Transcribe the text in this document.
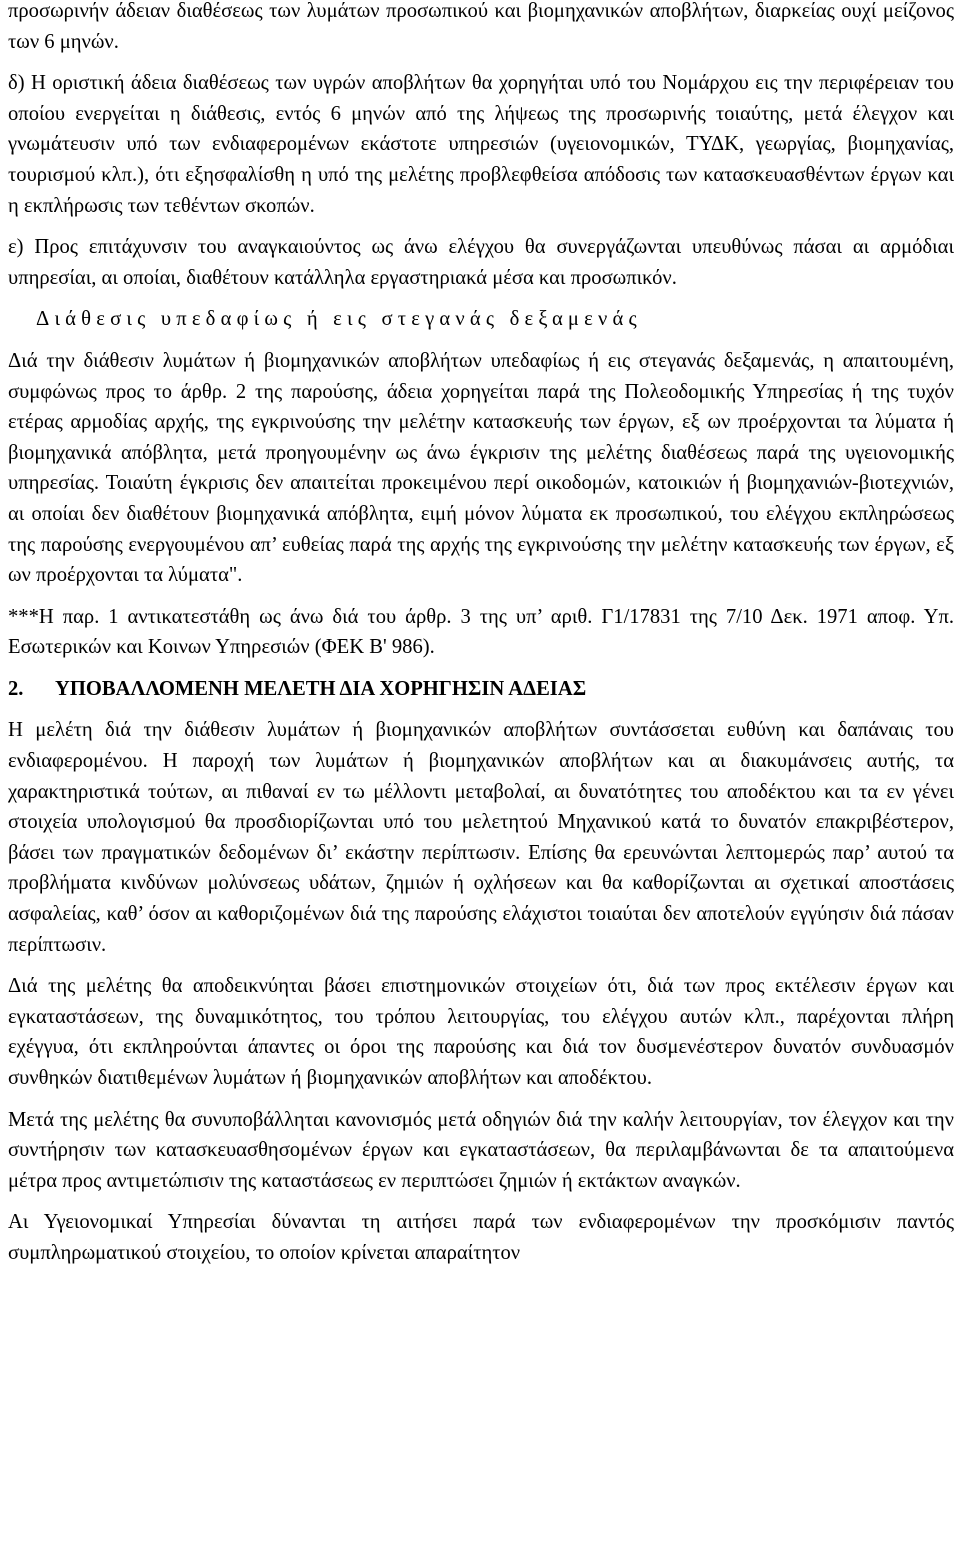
προσωρινήν άδειαν διαθέσεως των λυμάτων προσωπικού και βιομηχανικών αποβλήτων, διαρκείας ουχί μείζονος των 6 μηνών.

δ) Η οριστική άδεια διαθέσεως των υγρών αποβλήτων θα χορηγήται υπό του Νομάρχου εις την περιφέρειαν του οποίου ενεργείται η διάθεσις, εντός 6 μηνών από της λήψεως της προσωρινής τοιαύτης, μετά έλεγχον και γνωμάτευσιν υπό των ενδιαφερομένων εκάστοτε υπηρεσιών (υγειονομικών, ΤΥΔΚ, γεωργίας, βιομηχανίας, τουρισμού κλπ.), ότι εξησφαλίσθη η υπό της μελέτης προβλεφθείσα απόδοσις των κατασκευασθέντων έργων και η εκπλήρωσις των τεθέντων σκοπών.

ε) Προς επιτάχυνσιν του αναγκαιούντος ως άνω ελέγχου θα συνεργάζωνται υπευθύνως πάσαι αι αρμόδιαι υπηρεσίαι, αι οποίαι, διαθέτουν κατάλληλα εργαστηριακά μέσα και προσωπικόν.

Διάθεσις υπεδαφίως ή εις στεγανάς δεξαμενάς

Διά την διάθεσιν λυμάτων ή βιομηχανικών αποβλήτων υπεδαφίως ή εις στεγανάς δεξαμενάς, η απαιτουμένη, συμφώνως προς το άρθρ. 2 της παρούσης, άδεια χορηγείται παρά της Πολεοδομικής Υπηρεσίας ή της τυχόν ετέρας αρμοδίας αρχής, της εγκρινούσης την μελέτην κατασκευής των έργων, εξ ων προέρχονται τα λύματα ή βιομηχανικά απόβλητα, μετά προηγουμένην ως άνω έγκρισιν της μελέτης διαθέσεως παρά της υγειονομικής υπηρεσίας. Τοιαύτη έγκρισις δεν απαιτείται προκειμένου περί οικοδομών, κατοικιών ή βιομηχανιών-βιοτεχνιών, αι οποίαι δεν διαθέτουν βιομηχανικά απόβλητα, ειμή μόνον λύματα εκ προσωπικού, του ελέγχου εκπληρώσεως της παρούσης ενεργουμένου απ’ ευθείας παρά της αρχής της εγκρινούσης την μελέτην κατασκευής των έργων, εξ ων προέρχονται τα λύματα".

***Η παρ. 1 αντικατεστάθη ως άνω διά του άρθρ. 3 της υπ’ αριθ. Γ1/17831 της 7/10 Δεκ. 1971 αποφ. Υπ. Εσωτερικών και Κοινων Υπηρεσιών (ΦΕΚ Β' 986).

2. ΥΠΟΒΑΛΛΟΜΕΝΗ ΜΕΛΕΤΗ ΔΙΑ ΧΟΡΗΓΗΣΙΝ ΑΔΕΙΑΣ

Η μελέτη διά την διάθεσιν λυμάτων ή βιομηχανικών αποβλήτων συντάσσεται ευθύνη και δαπάναις του ενδιαφερομένου. Η παροχή των λυμάτων ή βιομηχανικών αποβλήτων και αι διακυμάνσεις αυτής, τα χαρακτηριστικά τούτων, αι πιθαναί εν τω μέλλοντι μεταβολαί, αι δυνατότητες του αποδέκτου και τα εν γένει στοιχεία υπολογισμού θα προσδιορίζωνται υπό του μελετητού Μηχανικού κατά το δυνατόν επακριβέστερον, βάσει των πραγματικών δεδομένων δι’ εκάστην περίπτωσιν. Επίσης θα ερευνώνται λεπτομερώς παρ’ αυτού τα προβλήματα κινδύνων μολύνσεως υδάτων, ζημιών ή οχλήσεων και θα καθορίζωνται αι σχετικαί αποστάσεις ασφαλείας, καθ’ όσον αι καθοριζομένων διά της παρούσης ελάχιστοι τοιαύται δεν αποτελούν εγγύησιν διά πάσαν περίπτωσιν.

Διά της μελέτης θα αποδεικνύηται βάσει επιστημονικών στοιχείων ότι, διά των προς εκτέλεσιν έργων και εγκαταστάσεων, της δυναμικότητος, του τρόπου λειτουργίας, του ελέγχου αυτών κλπ., παρέχονται πλήρη εχέγγυα, ότι εκπληρούνται άπαντες οι όροι της παρούσης και διά τον δυσμενέστερον δυνατόν συνδυασμόν συνθηκών διατιθεμένων λυμάτων ή βιομηχανικών αποβλήτων και αποδέκτου.

Μετά της μελέτης θα συνυποβάλληται κανονισμός μετά οδηγιών διά την καλήν λειτουργίαν, τον έλεγχον και την συντήρησιν των κατασκευασθησομένων έργων και εγκαταστάσεων, θα περιλαμβάνωνται δε τα απαιτούμενα μέτρα προς αντιμετώπισιν της καταστάσεως εν περιπτώσει ζημιών ή εκτάκτων αναγκών.

Αι Υγειονομικαί Υπηρεσίαι δύνανται τη αιτήσει παρά των ενδιαφερομένων την προσκόμισιν παντός συμπληρωματικού στοιχείου, το οποίον κρίνεται απαραίτητον
